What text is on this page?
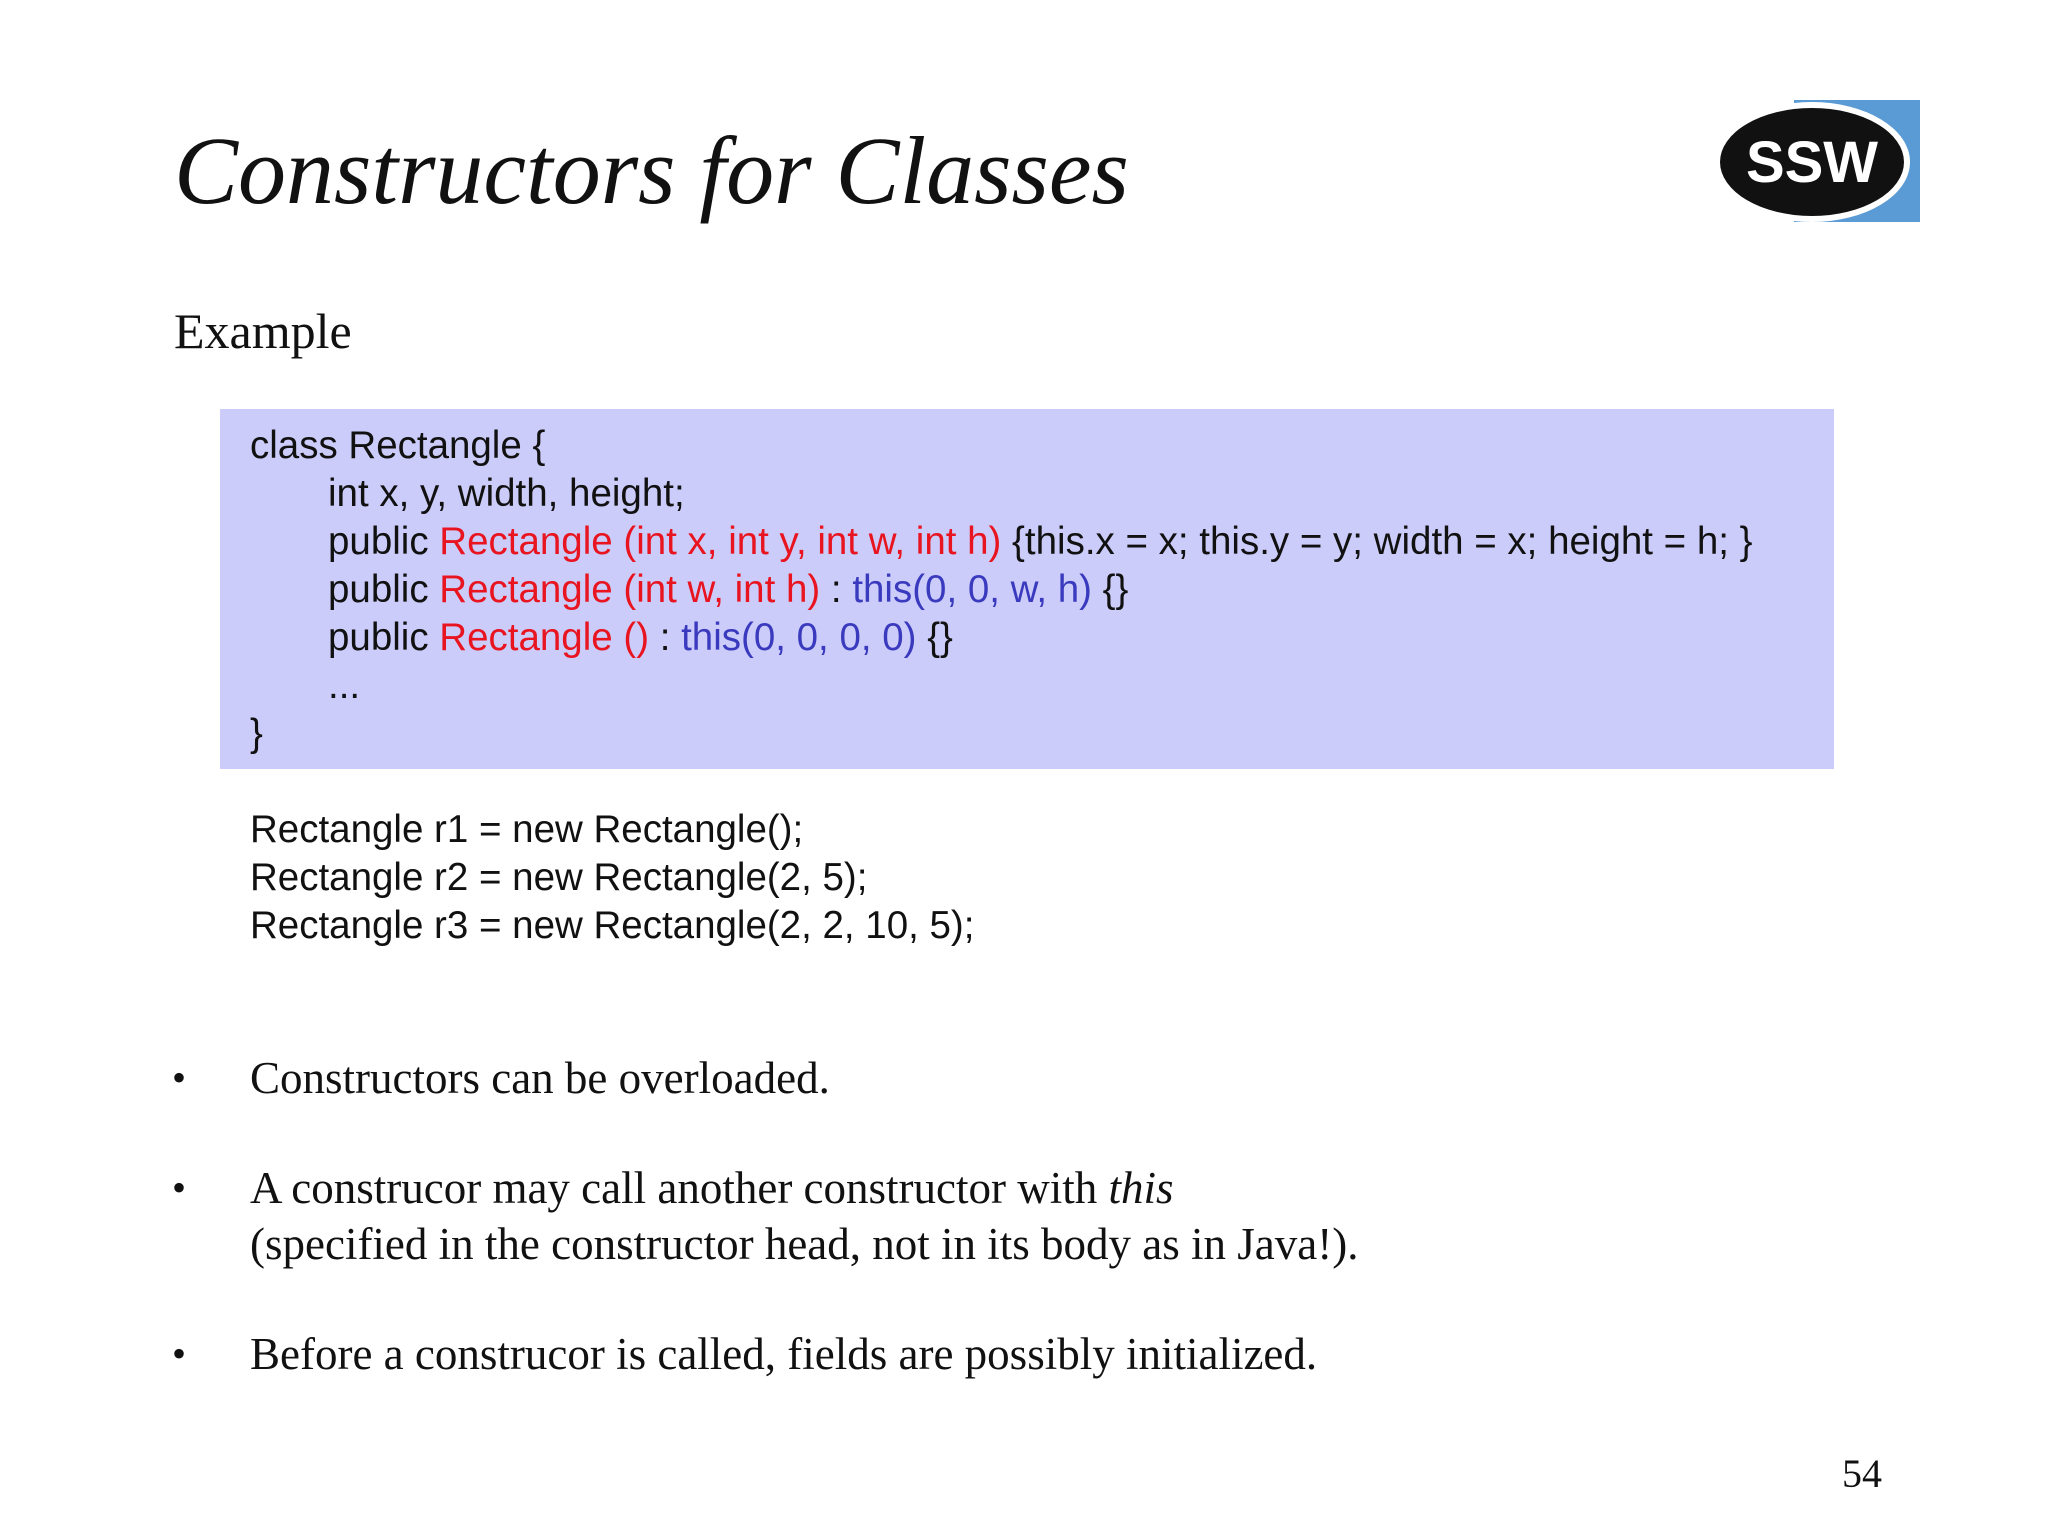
Constructors for Classes	SSW
Example

class Rectangle {

int x, y, width, height;

public Rectangle (int x, int y, int w, int h) {this.x = x; this.y = y; width = x; height = h; }

public Rectangle (int w, int h) : this(0, 0, w, h) {}

public Rectangle () : this(0, 0, 0, 0) {}

...

}

Rectangle r1 = new Rectangle();

Rectangle r2 = new Rectangle(2, 5);

Rectangle r3 = new Rectangle(2, 2, 10, 5);

• Constructors can be overloaded.
• A construcor may call another constructor with this
(specified in the constructor head, not in its body as in Java!).
• Before a construcor is called, fields are possibly initialized.
54
